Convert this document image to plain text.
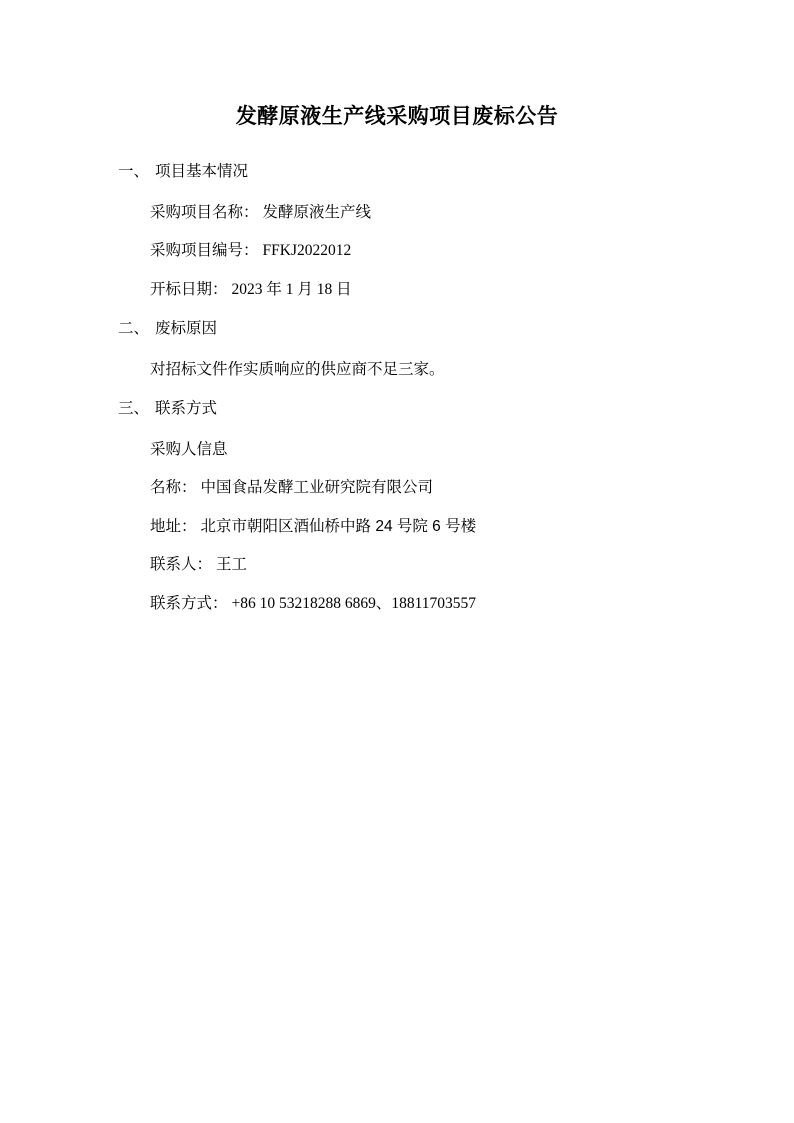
发酵原液生产线采购项目废标公告
一、 项目基本情况
采购项目名称： 发酵原液生产线
采购项目编号： FFKJ2022012
开标日期： 2023 年 1 月 18 日
二、 废标原因
对招标文件作实质响应的供应商不足三家。
三、 联系方式
采购人信息
名称： 中国食品发酵工业研究院有限公司
地址： 北京市朝阳区酒仙桥中路 24 号院 6 号楼
联系人： 王工
联系方式： +86 10 53218288 6869、18811703557
